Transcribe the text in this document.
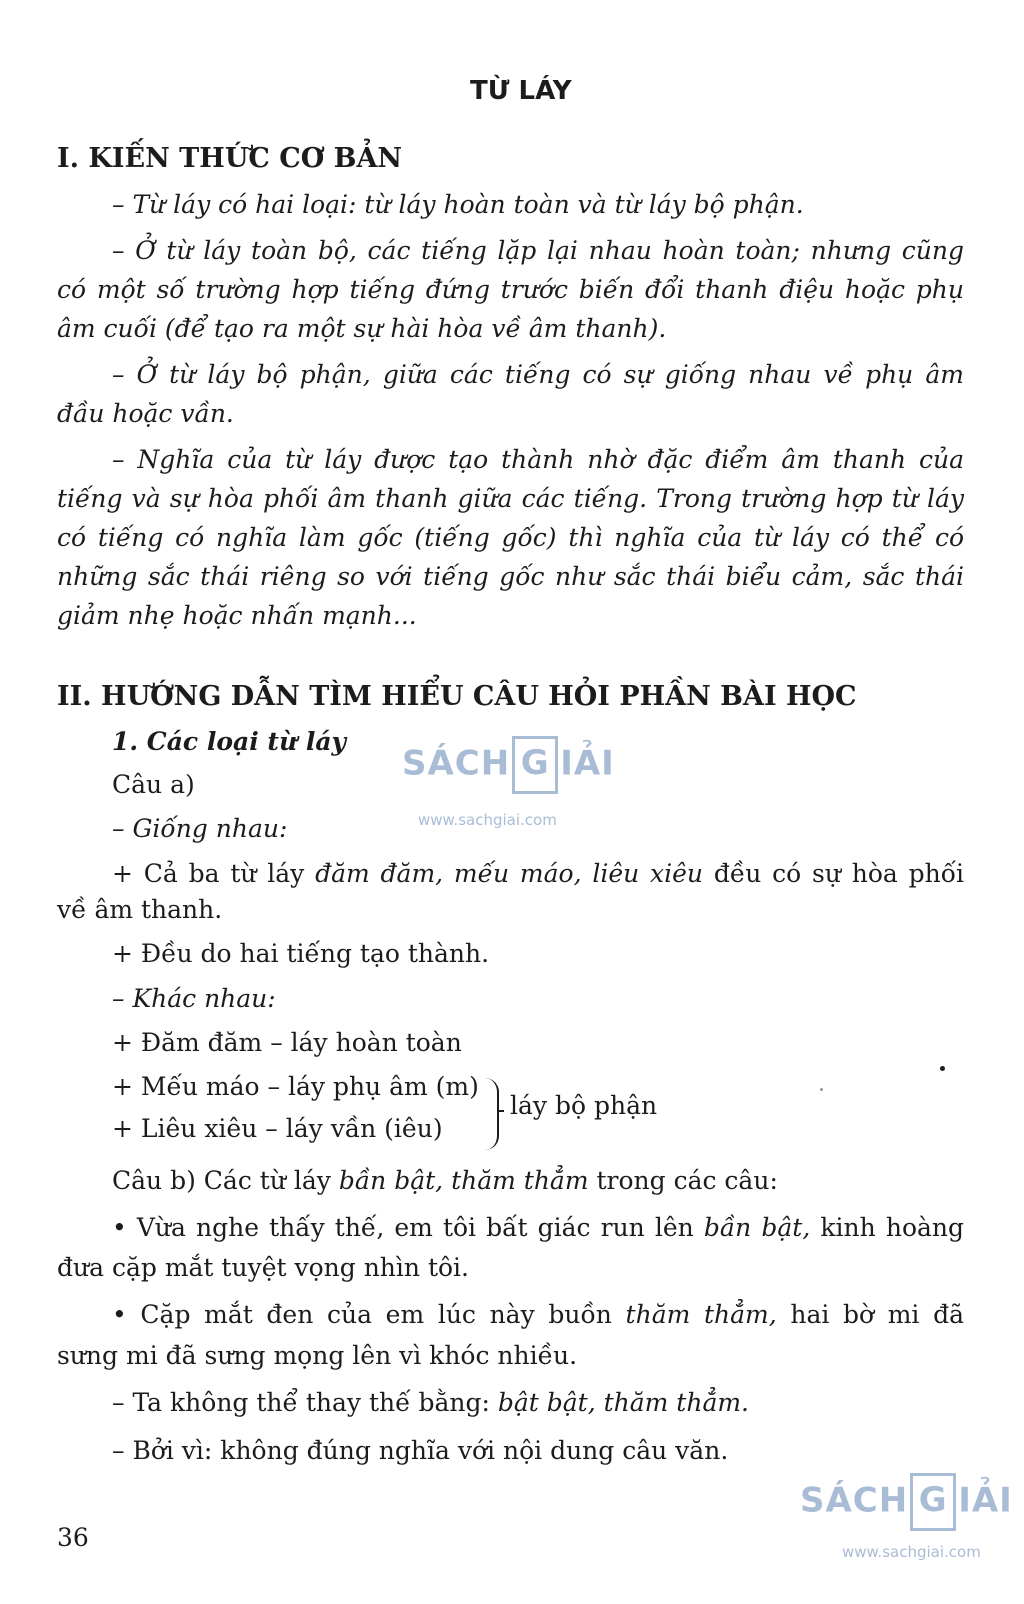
TỪ LÁY
I. KIẾN THỨC CƠ BẢN
– Từ láy có hai loại: từ láy hoàn toàn và từ láy bộ phận.
– Ở từ láy toàn bộ, các tiếng lặp lại nhau hoàn toàn; nhưng cũng
có một số trường hợp tiếng đứng trước biến đổi thanh điệu hoặc phụ
âm cuối (để tạo ra một sự hài hòa về âm thanh).
– Ở từ láy bộ phận, giữa các tiếng có sự giống nhau về phụ âm
đầu hoặc vần.
– Nghĩa của từ láy được tạo thành nhờ đặc điểm âm thanh của
tiếng và sự hòa phối âm thanh giữa các tiếng. Trong trường hợp từ láy
có tiếng có nghĩa làm gốc (tiếng gốc) thì nghĩa của từ láy có thể có
những sắc thái riêng so với tiếng gốc như sắc thái biểu cảm, sắc thái
giảm nhẹ hoặc nhấn mạnh...
II. HƯỚNG DẪN TÌM HIỂU CÂU HỎI PHẦN BÀI HỌC
1. Các loại từ láy
Câu a)
– Giống nhau:
+ Cả ba từ láy đăm đăm, mếu máo, liêu xiêu đều có sự hòa phối
về âm thanh.
+ Đều do hai tiếng tạo thành.
– Khác nhau:
+ Đăm đăm – láy hoàn toàn
+ Mếu máo – láy phụ âm (m)
+ Liêu xiêu – láy vần (iêu)
láy bộ phận
Câu b) Các từ láy bần bật, thăm thẳm trong các câu:
• Vừa nghe thấy thế, em tôi bất giác run lên bần bật, kinh hoàng
đưa cặp mắt tuyệt vọng nhìn tôi.
• Cặp mắt đen của em lúc này buồn thăm thẳm, hai bờ mi đã
sưng mi đã sưng mọng lên vì khóc nhiều.
– Ta không thể thay thế bằng: bật bật, thăm thẳm.
– Bởi vì: không đúng nghĩa với nội dung câu văn.
36
SÁCH G IẢI
www.sachgiai.com
SÁCH G IẢI
www.sachgiai.com
